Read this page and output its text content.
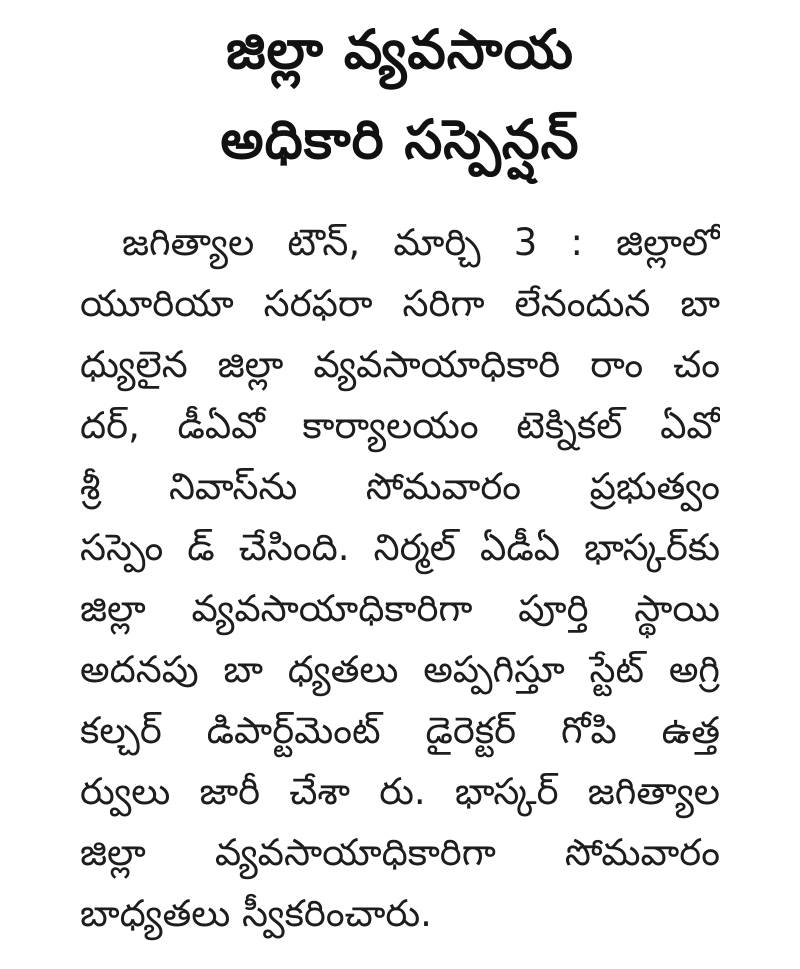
జిల్లా వ్యవసాయ
అధికారి సస్పెన్షన్
జగిత్యాల టౌన్, మార్చి 3 : జిల్లాలో
యూరియా సరఫరా సరిగా లేనందున బా
ధ్యులైన జిల్లా వ్యవసాయాధికారి రాం చం
దర్, డీఏవో కార్యాలయం టెక్నికల్ ఏవో
శ్రీ నివాస్‌ను సోమవారం ప్రభుత్వం
సస్పెం డ్ చేసింది. నిర్మల్ ఏడీఏ భాస్కర్‌కు
జిల్లా వ్యవసాయాధికారిగా పూర్తి స్థాయి
అదనపు బా ధ్యతలు అప్పగిస్తూ స్టేట్ అగ్రి
కల్చర్ డిపార్ట్‌మెంట్ డైరెక్టర్ గోపి ఉత్త
ర్వులు జారీ చేశా రు. భాస్కర్ జగిత్యాల
జిల్లా వ్యవసాయాధికారిగా సోమవారం
బాధ్యతలు స్వీకరించారు.
